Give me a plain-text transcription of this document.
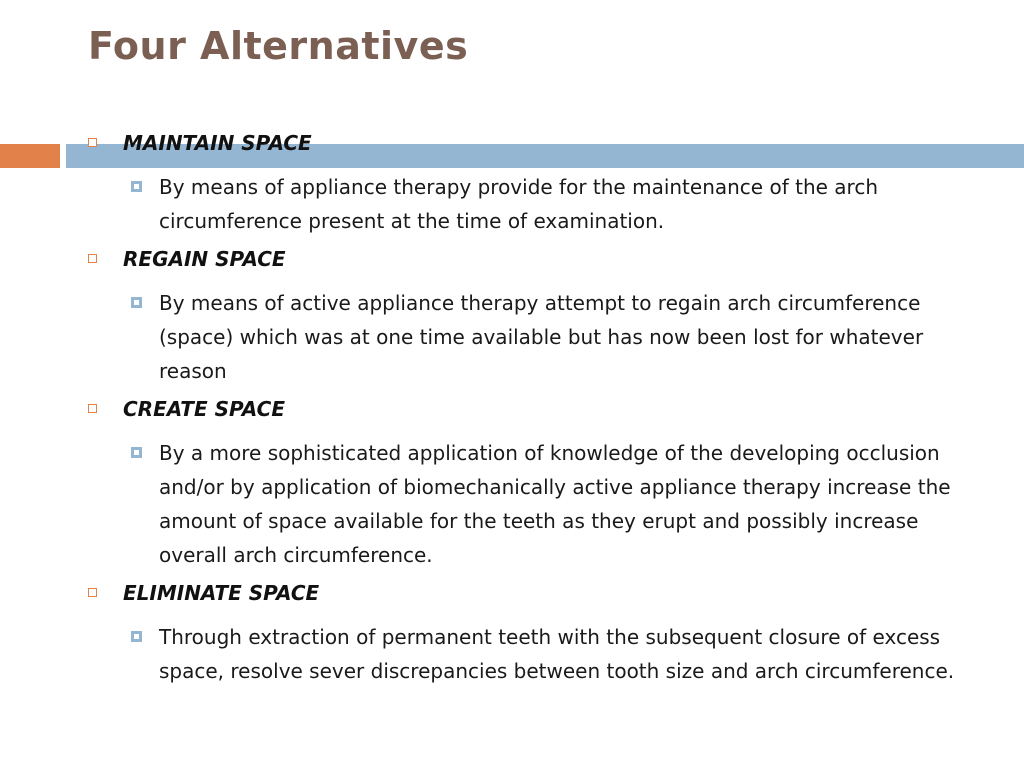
Four Alternatives
MAINTAIN SPACE

By means of appliance therapy provide for the maintenance of the arch circumference present at the time of examination.

REGAIN SPACE

By means of active appliance therapy attempt to regain arch circumference (space) which was at one time available but has now been lost for whatever reason

CREATE SPACE

By a more sophisticated application of knowledge of the developing occlusion and/or by application of biomechanically active appliance therapy increase the amount of space available for the teeth as they erupt and possibly increase overall arch circumference.

ELIMINATE SPACE

Through extraction of permanent teeth with the subsequent closure of excess space, resolve sever discrepancies between tooth size and arch circumference.
